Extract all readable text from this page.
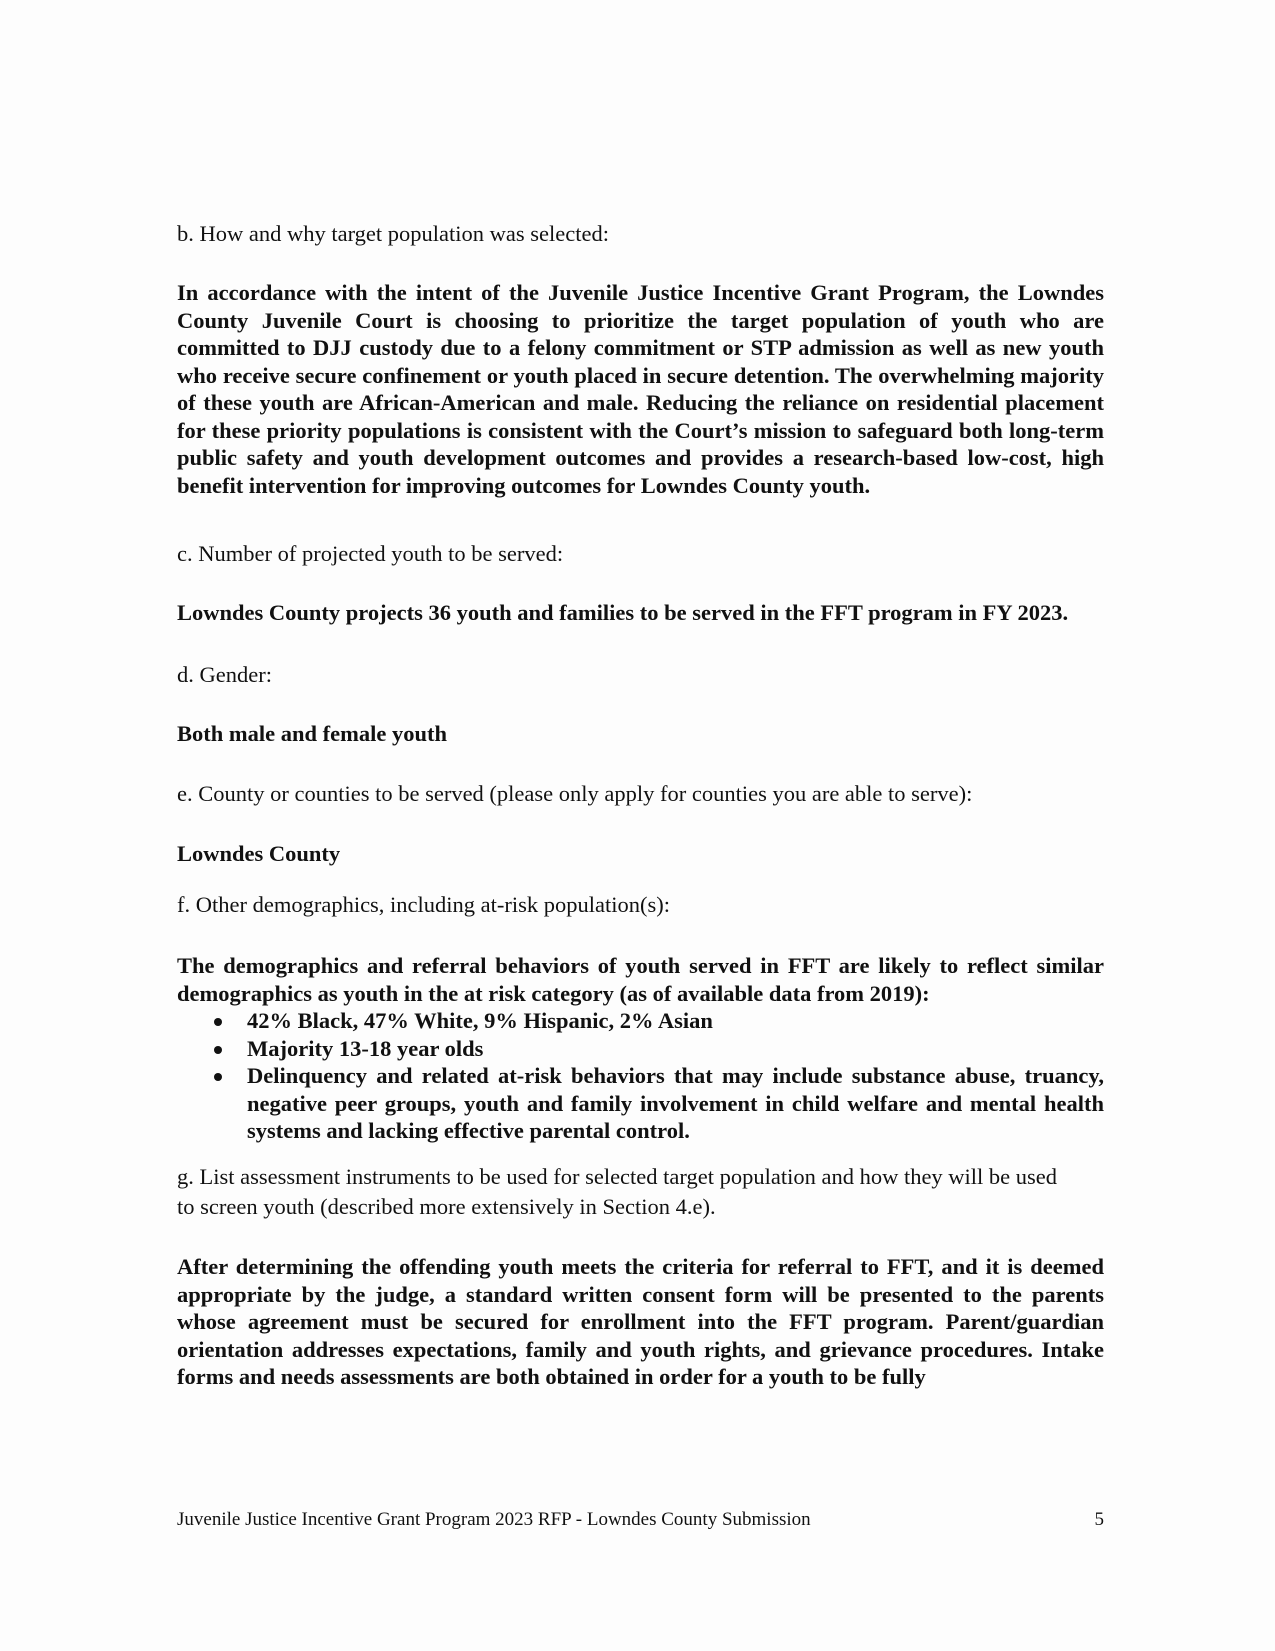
b. How and why target population was selected:

In accordance with the intent of the Juvenile Justice Incentive Grant Program, the Lowndes County Juvenile Court is choosing to prioritize the target population of youth who are committed to DJJ custody due to a felony commitment or STP admission as well as new youth who receive secure confinement or youth placed in secure detention. The overwhelming majority of these youth are African-American and male. Reducing the reliance on residential placement for these priority populations is consistent with the Court’s mission to safeguard both long-term public safety and youth development outcomes and provides a research-based low-cost, high benefit intervention for improving outcomes for Lowndes County youth.

c. Number of projected youth to be served:

Lowndes County projects 36 youth and families to be served in the FFT program in FY 2023.

d. Gender:

Both male and female youth

e. County or counties to be served (please only apply for counties you are able to serve):

Lowndes County

f. Other demographics, including at-risk population(s):

The demographics and referral behaviors of youth served in FFT are likely to reflect similar demographics as youth in the at risk category (as of available data from 2019):

42% Black, 47% White, 9% Hispanic, 2% Asian
Majority 13-18 year olds
Delinquency and related at-risk behaviors that may include substance abuse, truancy, negative peer groups, youth and family involvement in child welfare and mental health systems and lacking effective parental control.
g. List assessment instruments to be used for selected target population and how they will be used
to screen youth (described more extensively in Section 4.e).

After determining the offending youth meets the criteria for referral to FFT, and it is deemed appropriate by the judge, a standard written consent form will be presented to the parents whose agreement must be secured for enrollment into the FFT program. Parent/guardian orientation addresses expectations, family and youth rights, and grievance procedures. Intake forms and needs assessments are both obtained in order for a youth to be fully

Juvenile Justice Incentive Grant Program 2023 RFP - Lowndes County Submission	5
